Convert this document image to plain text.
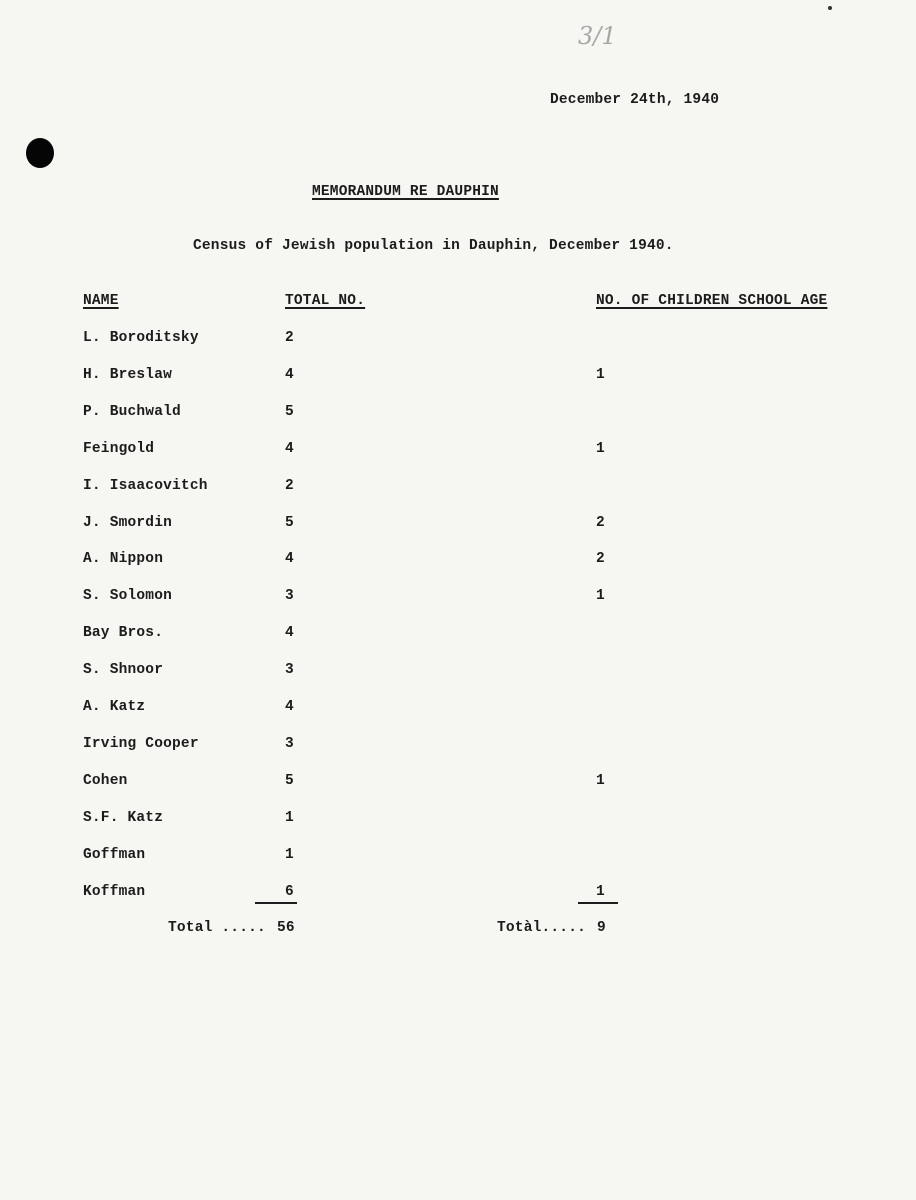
3/1
December 24th, 1940
MEMORANDUM RE DAUPHIN
Census of Jewish population in Dauphin, December 1940.
NAME	TOTAL NO.	NO. OF CHILDREN SCHOOL AGE
L. Boroditsky	2
H. Breslaw	4	1
P. Buchwald	5
Feingold	4	1
I. Isaacovitch	2
J. Smordin	5	2
A. Nippon	4	2
S. Solomon	3	1
Bay Bros.	4
S. Shnoor	3
A. Katz	4
Irving Cooper	3
Cohen	5	1
S.F. Katz	1
Goffman	1
Koffman	6	1
Total ..... 56	Totàl..... 9
